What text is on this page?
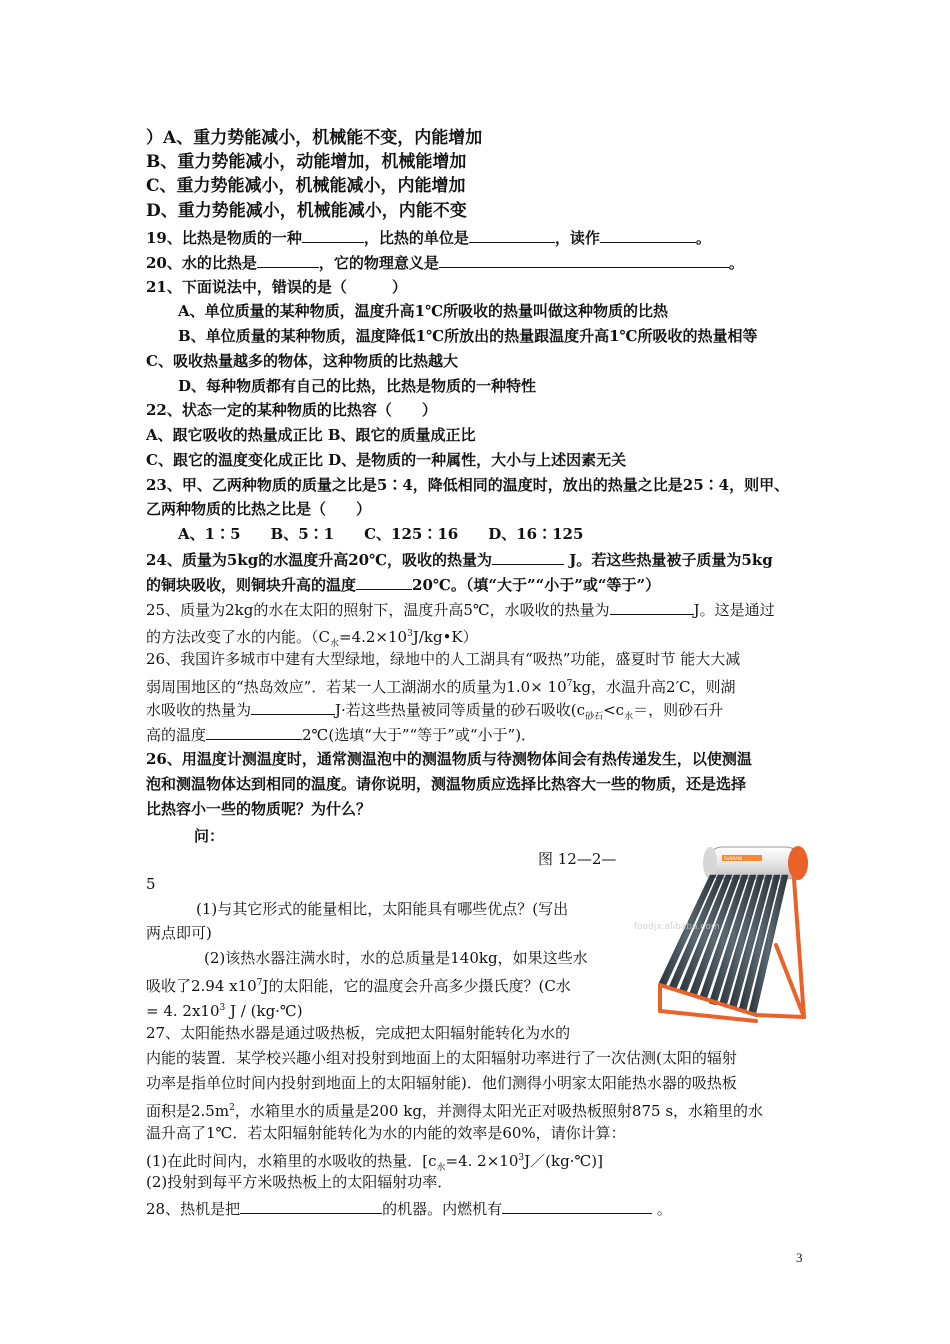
）A、重力势能减小，机械能不变，内能增加
B、重力势能减小，动能增加，机械能增加
C、重力势能减小，机械能减小，内能增加
D、重力势能减小，机械能减小，内能不变
19、比热是物质的一种	，比热的单位是	，读作	。
20、水的比热是	，它的物理意义是	。
21、下面说法中，错误的是（　　　）
A、单位质量的某种物质，温度升高1℃所吸收的热量叫做这种物质的比热
B、单位质量的某种物质，温度降低1℃所放出的热量跟温度升高1℃所吸收的热量相等
C、吸收热量越多的物体，这种物质的比热越大
D、每种物质都有自己的比热，比热是物质的一种特性
22、状态一定的某种物质的比热容（　　）
A、跟它吸收的热量成正比 B、跟它的质量成正比
C、跟它的温度变化成正比 D、是物质的一种属性，大小与上述因素无关
23、甲、乙两种物质的质量之比是5∶4，降低相同的温度时，放出的热量之比是25∶4，则甲、
乙两种物质的比热之比是（　　）
A、1∶5　　B、5∶1　　C、125∶16　　D、16∶125
24、质量为5kg的水温度升高20℃，吸收的热量为	J。若这些热量被子质量为5kg
的铜块吸收，则铜块升高的温度	20℃。（填“大于”“小于”或“等于”）
25、质量为2kg的水在太阳的照射下，温度升高5℃，水吸收的热量为	J。这是通过
的方法改变了水的内能。$(C_水=4.2\times 10^3J/kg•K)$
26、我国许多城市中建有大型绿地，绿地中的人工湖具有“吸热”功能，盛夏时节 能大大减
弱周围地区的“热岛效应”．若某一人工湖湖水的质量为$1.0\times 10^7kg$，水温升高2′C，则湖
水吸收的热量为	J·若这些热量被同等质量的砂石吸收($c_{砂石}<c_水=$，则砂石升
高的温度	2℃(选填“大于”“等于”或“小于”)．
26、用温度计测温度时，通常测温泡中的测温物质与待测物体间会有热传递发生，以使测温
泡和测温物体达到相同的温度。请你说明，测温物质应选择比热容大一些的物质，还是选择
比热容小一些的物质呢？为什么？
问：
图 12—2—
5
(1)与其它形式的能量相比，太阳能具有哪些优点？(写出
两点即可)
(2)该热水器注满水时，水的总质量是140kg，如果这些水
吸收了2.94 $x10^7J$的太阳能，它的温度会升高多少摄氏度？(C水
= 4. $2x10^3$ J / (kg·℃)
27、太阳能热水器是通过吸热板，完成把太阳辐射能转化为水的
内能的装置．某学校兴趣小组对投射到地面上的太阳辐射功率进行了一次估测(太阳的辐射
功率是指单位时间内投射到地面上的太阳辐射能)．他们测得小明家太阳能热水器的吸热板
面积是$2.5m^2$，水箱里水的质量是200 kg，并测得太阳光正对吸热板照射875 s，水箱里的水
温升高了1℃．若太阳辐射能转化为水的内能的效率是60%，请你计算：
(1)在此时间内，水箱里的水吸收的热量．[$c_水=4$. $2\times 10^3J/(kg\cdot℃)$]
(2)投射到每平方米吸热板上的太阳辐射功率．
28、热机是把	的机器。内燃机有	。
3
SUNRAIN
foodjx.alibaba.com
